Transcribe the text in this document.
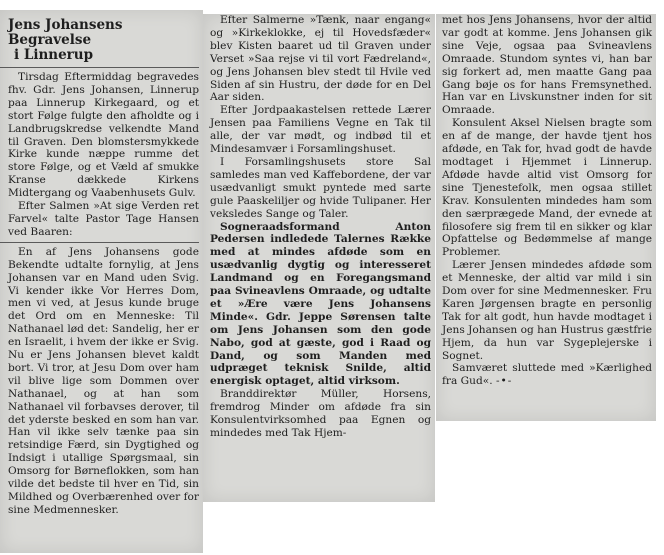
Jens Johansens Begravelse
i Linnerup

Tirsdag Eftermiddag begravedes fhv. Gdr. Jens Johansen, Linnerup paa Linnerup Kirkegaard, og et stort Følge fulgte den afholdte og i Landbrugskredse velkendte Mand til Graven. Den blomstersmykkede Kirke kunde næppe rumme det store Følge, og et Væld af smukke Kranse dækkede Kirkens Midtergang og Vaabenhusets Gulv.

Efter Salmen »At sige Verden ret Farvel« talte Pastor Tage Hansen ved Baaren:

En af Jens Johansens gode Bekendte udtalte fornylig, at Jens Johansen var en Mand uden Svig. Vi kender ikke Vor Herres Dom, men vi ved, at Jesus kunde bruge det Ord om en Menneske: Til Nathanael lød det: Sandelig, her er en Israelit, i hvem der ikke er Svig. Nu er Jens Johansen blevet kaldt bort. Vi tror, at Jesu Dom over ham vil blive lige som Dommen over Nathanael, og at han som Nathanael vil forbavses derover, til det yderste besked en som han var. Han vil ikke selv tænke paa sin retsindige Færd, sin Dygtighed og Indsigt i utallige Spørgsmaal, sin Omsorg for Børneflokken, som han vilde det bedste til hver en Tid, sin Mildhed og Overbærenhed over for sine Medmennesker.

Efter Salmerne »Tænk, naar engang« og »Kirkeklokke, ej til Hovedsfæder« blev Kisten baaret ud til Graven under Verset »Saa rejse vi til vort Fædreland«, og Jens Johansen blev stedt til Hvile ved Siden af sin Hustru, der døde for en Del Aar siden.

Efter Jordpaakastelsen rettede Lærer Jensen paa Familiens Vegne en Tak til alle, der var mødt, og indbød til et Mindesamvær i Forsamlingshuset.

I Forsamlingshusets store Sal samledes man ved Kaffebordene, der var usædvanligt smukt pyntede med sarte gule Paaskeliljer og hvide Tulipaner. Her veksledes Sange og Taler.

Sogneraadsformand Anton Pedersen indledede Talernes Række med at mindes afdøde som en usædvanlig dygtig og interesseret Landmand og en Foregangsmand paa Svineavlens Omraade, og udtalte et »Ære være Jens Johansens Minde«. Gdr. Jeppe Sørensen talte om Jens Johansen som den gode Nabo, god at gæste, god i Raad og Dand, og som Manden med udpræget teknisk Snilde, altid energisk optaget, altid virksom.

Branddirektør Müller, Horsens, fremdrog Minder om afdøde fra sin Konsulentvirksomhed paa Egnen og mindedes med Tak Hjem-

met hos Jens Johansens, hvor der altid var godt at komme. Jens Johansen gik sine Veje, ogsaa paa Svineavlens Omraade. Stundom syntes vi, han bar sig forkert ad, men maatte Gang paa Gang bøje os for hans Fremsynethed. Han var en Livskunstner inden for sit Omraade.

Konsulent Aksel Nielsen bragte som en af de mange, der havde tjent hos afdøde, en Tak for, hvad godt de havde modtaget i Hjemmet i Linnerup. Afdøde havde altid vist Omsorg for sine Tjenestefolk, men ogsaa stillet Krav. Konsulenten mindedes ham som den særprægede Mand, der evnede at filosofere sig frem til en sikker og klar Opfattelse og Bedømmelse af mange Problemer.

Lærer Jensen mindedes afdøde som et Menneske, der altid var mild i sin Dom over for sine Medmennesker. Fru Karen Jørgensen bragte en personlig Tak for alt godt, hun havde modtaget i Jens Johansen og han Hustrus gæstfrie Hjem, da hun var Sygeplejerske i Sognet.

Samværet sluttede med »Kærlighed fra Gud«. -•-
